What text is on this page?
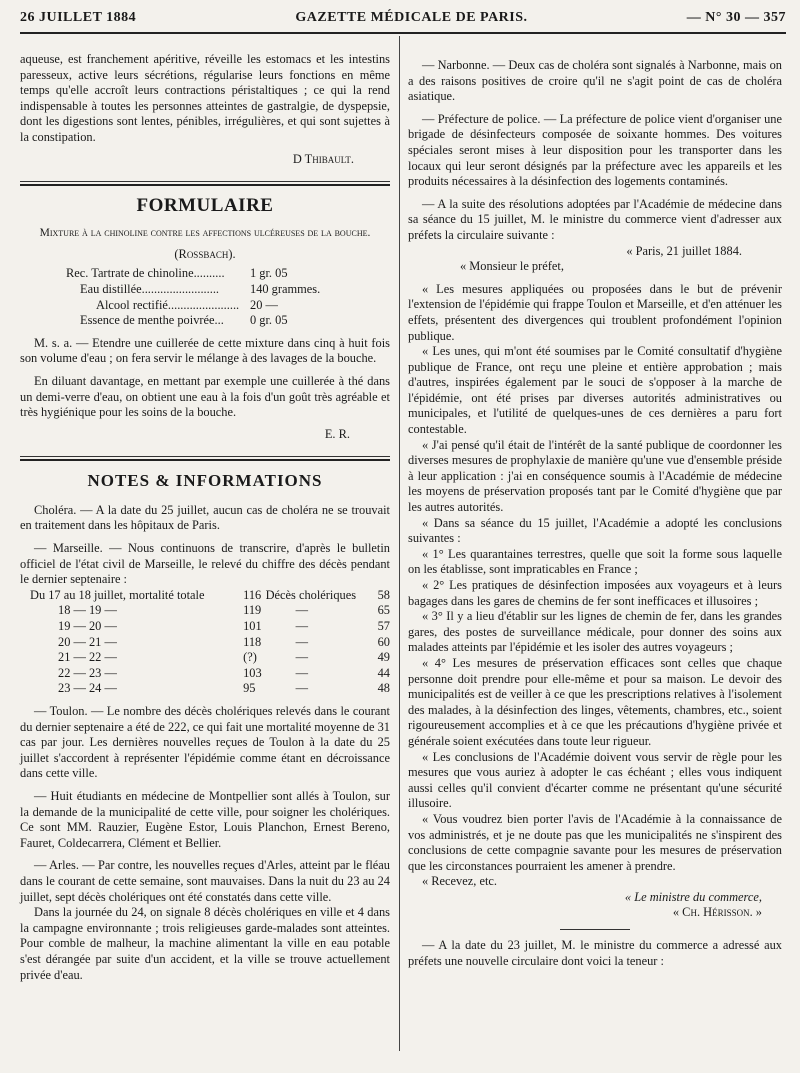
26 JUILLET 1884	GAZETTE MÉDICALE DE PARIS.	— N° 30 — 357

aqueuse, est franchement apéritive, réveille les estomacs et les intestins paresseux, active leurs sécrétions, régularise leurs fonctions en même temps qu'elle accroît leurs contractions péristaltiques ; ce qui la rend indispensable à toutes les personnes atteintes de gastralgie, de dyspepsie, dont les digestions sont lentes, pénibles, irrégulières, et qui sont sujettes à la constipation.

D Thibault.

FORMULAIRE

Mixture à la chinoline contre les affections ulcéreuses de la bouche.

(Rossbach).

Rec. Tartrate de chinoline..........	1 gr. 05
Eau distillée.........................	140 grammes.
Alcool rectifié....................... 20 —
Essence de menthe poivrée...	0 gr. 05

M. s. a. — Etendre une cuillerée de cette mixture dans cinq à huit fois son volume d'eau ; on fera servir le mélange à des lavages de la bouche.

En diluant davantage, en mettant par exemple une cuillerée à thé dans un demi-verre d'eau, on obtient une eau à la fois d'un goût très agréable et très hygiénique pour les soins de la bouche.

E. R.

NOTES & INFORMATIONS

Choléra. — A la date du 25 juillet, aucun cas de choléra ne se trouvait en traitement dans les hôpitaux de Paris.

— Marseille. — Nous continuons de transcrire, d'après le bulletin officiel de l'état civil de Marseille, le relevé du chiffre des décès pendant le dernier septenaire :

Du 17 au 18 juillet, mortalité totale	116	Décès cholériques	58
18 — 19 —	119	—	65
19 — 20 —	101	—	57
20 — 21 —	118	—	60
21 — 22 —	(?)	—	49
22 — 23 —	103	—	44
23 — 24 —	95	—	48

— Toulon. — Le nombre des décès cholériques relevés dans le courant du dernier septenaire a été de 222, ce qui fait une mortalité moyenne de 31 cas par jour. Les dernières nouvelles reçues de Toulon à la date du 25 juillet s'accordent à représenter l'épidémie comme étant en décroissance dans cette ville.

— Huit étudiants en médecine de Montpellier sont allés à Toulon, sur la demande de la municipalité de cette ville, pour soigner les cholériques. Ce sont MM. Rauzier, Eugène Estor, Louis Planchon, Ernest Bereno, Fauret, Coldecarrera, Clément et Bellier.

— Arles. — Par contre, les nouvelles reçues d'Arles, atteint par le fléau dans le courant de cette semaine, sont mauvaises. Dans la nuit du 23 au 24 juillet, sept décès cholériques ont été constatés dans cette ville.

Dans la journée du 24, on signale 8 décès cholériques en ville et 4 dans la campagne environnante ; trois religieuses garde-malades sont atteintes. Pour comble de malheur, la machine alimentant la ville en eau potable s'est dérangée par suite d'un accident, et la ville se trouve actuellement privée d'eau.

— Narbonne. — Deux cas de choléra sont signalés à Narbonne, mais on a des raisons positives de croire qu'il ne s'agit point de cas de choléra asiatique.

— Préfecture de police. — La préfecture de police vient d'organiser une brigade de désinfecteurs composée de soixante hommes. Des voitures spéciales seront mises à leur disposition pour les transporter dans les locaux qui leur seront désignés par la préfecture avec les appareils et les produits nécessaires à la désinfection des logements contaminés.

— A la suite des résolutions adoptées par l'Académie de médecine dans sa séance du 15 juillet, M. le ministre du commerce vient d'adresser aux préfets la circulaire suivante :

« Paris, 21 juillet 1884.

« Monsieur le préfet,

« Les mesures appliquées ou proposées dans le but de prévenir l'extension de l'épidémie qui frappe Toulon et Marseille, et d'en atténuer les effets, présentent des divergences qui troublent profondément l'opinion publique.

« Les unes, qui m'ont été soumises par le Comité consultatif d'hygiène publique de France, ont reçu une pleine et entière approbation ; mais d'autres, inspirées également par le souci de s'opposer à la marche de l'épidémie, ont été prises par diverses autorités administratives ou municipales, et l'utilité de quelques-unes de ces dernières a paru fort contestable.

« J'ai pensé qu'il était de l'intérêt de la santé publique de coordonner les diverses mesures de prophylaxie de manière qu'une vue d'ensemble préside à leur application : j'ai en conséquence soumis à l'Académie de médecine les moyens de préservation proposés tant par le Comité d'hygiène que par les autres autorités.

« Dans sa séance du 15 juillet, l'Académie a adopté les conclusions suivantes :

« 1° Les quarantaines terrestres, quelle que soit la forme sous laquelle on les établisse, sont impraticables en France ;

« 2° Les pratiques de désinfection imposées aux voyageurs et à leurs bagages dans les gares de chemins de fer sont inefficaces et illusoires ;

« 3° Il y a lieu d'établir sur les lignes de chemin de fer, dans les grandes gares, des postes de surveillance médicale, pour donner des soins aux malades atteints par l'épidémie et les isoler des autres voyageurs ;

« 4° Les mesures de préservation efficaces sont celles que chaque personne doit prendre pour elle-même et pour sa maison. Le devoir des municipalités est de veiller à ce que les prescriptions relatives à l'isolement des malades, à la désinfection des linges, vêtements, chambres, etc., soient rigoureusement accomplies et à ce que les précautions d'hygiène privée et générale soient exécutées dans toute leur rigueur.

« Les conclusions de l'Académie doivent vous servir de règle pour les mesures que vous auriez à adopter le cas échéant ; elles vous indiquent aussi celles qu'il convient d'écarter comme ne présentant qu'une sécurité illusoire.

« Vous voudrez bien porter l'avis de l'Académie à la connaissance de vos administrés, et je ne doute pas que les municipalités ne s'inspirent des conclusions de cette compagnie savante pour les mesures de préservation que les circonstances pourraient les amener à prendre.

« Recevez, etc.

« Le ministre du commerce,

« Ch. Hérisson. »

— A la date du 23 juillet, M. le ministre du commerce a adressé aux préfets une nouvelle circulaire dont voici la teneur :
